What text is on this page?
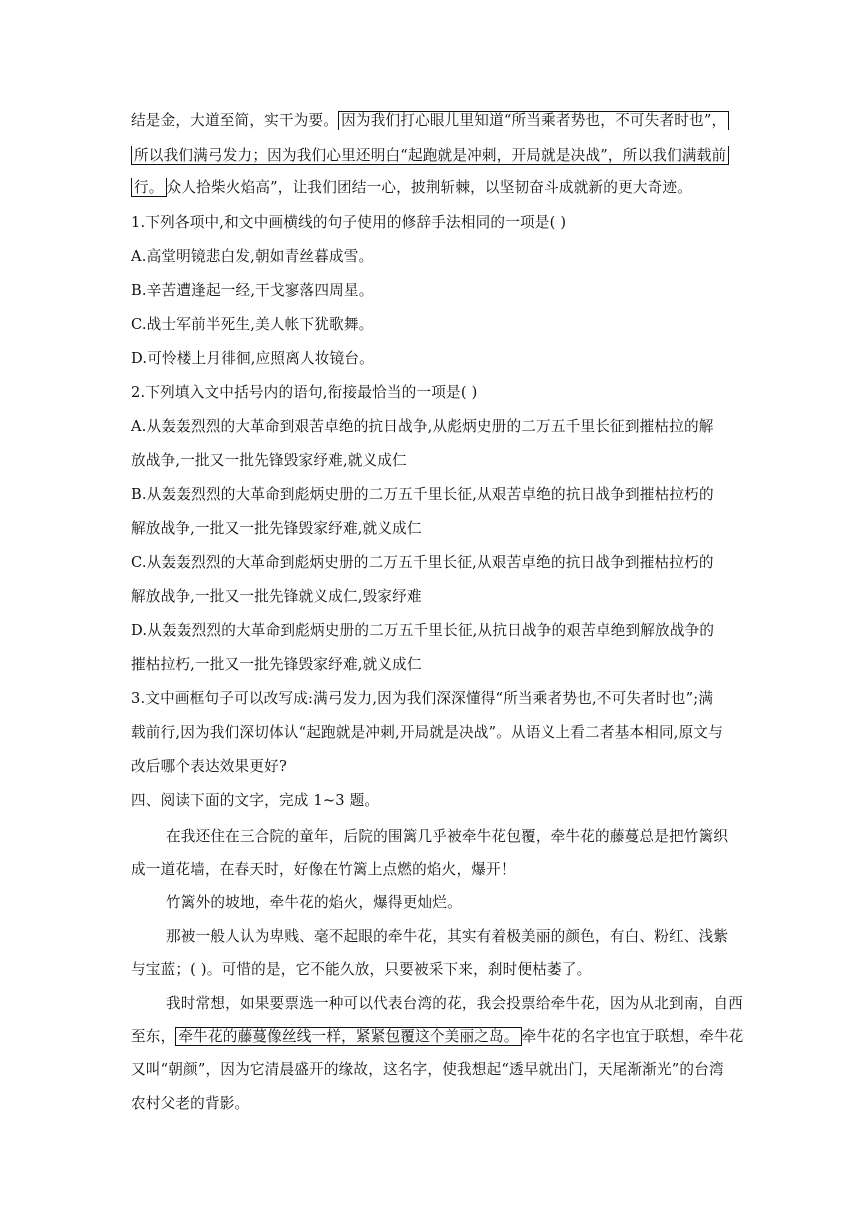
结是金，大道至简，实干为要。 因为我们打心眼儿里知道“所当乘者势也，不可失者时也”，
所以我们满弓发力；因为我们心里还明白“起跑就是冲刺，开局就是决战”，所以我们满载前
行。 众人拾柴火焰高”，让我们团结一心，披荆斩棘，以坚韧奋斗成就新的更大奇迹。
1.下列各项中,和文中画横线的句子使用的修辞手法相同的一项是( )
A.高堂明镜悲白发,朝如青丝暮成雪。
B.辛苦遭逢起一经,干戈寥落四周星。
C.战士军前半死生,美人帐下犹歌舞。
D.可怜楼上月徘徊,应照离人妆镜台。
2.下列填入文中括号内的语句,衔接最恰当的一项是( )
A.从轰轰烈烈的大革命到艰苦卓绝的抗日战争,从彪炳史册的二万五千里长征到摧枯拉的解
放战争,一批又一批先锋毁家纾难,就义成仁
B.从轰轰烈烈的大革命到彪炳史册的二万五千里长征,从艰苦卓绝的抗日战争到摧枯拉朽的
解放战争,一批又一批先锋毁家纾难,就义成仁
C.从轰轰烈烈的大革命到彪炳史册的二万五千里长征,从艰苦卓绝的抗日战争到摧枯拉朽的
解放战争,一批又一批先锋就义成仁,毁家纾难
D.从轰轰烈烈的大革命到彪炳史册的二万五千里长征,从抗日战争的艰苦卓绝到解放战争的
摧枯拉朽,一批又一批先锋毁家纾难,就义成仁
3.文中画框句子可以改写成:满弓发力,因为我们深深懂得“所当乘者势也,不可失者时也”;满
载前行,因为我们深切体认“起跑就是冲刺,开局就是决战”。从语义上看二者基本相同,原文与
改后哪个表达效果更好?
四、阅读下面的文字，完成 1~3 题。
在我还住在三合院的童年，后院的围篱几乎被牵牛花包覆，牵牛花的藤蔓总是把竹篱织
成一道花墙，在春天时，好像在竹篱上点燃的焰火，爆开！
竹篱外的坡地，牵牛花的焰火，爆得更灿烂。
那被一般人认为卑贱、毫不起眼的牵牛花，其实有着极美丽的颜色，有白、粉红、浅紫
与宝蓝；( )。可惜的是，它不能久放，只要被采下来，刹时便枯萎了。
我时常想，如果要票选一种可以代表台湾的花，我会投票给牵牛花，因为从北到南，自西
至东， 牵牛花的藤蔓像丝线一样，紧紧包覆这个美丽之岛。 牵牛花的名字也宜于联想，牵牛花
又叫“朝颜”，因为它清晨盛开的缘故，这名字，使我想起“透早就出门，天尾渐渐光”的台湾
农村父老的背影。
